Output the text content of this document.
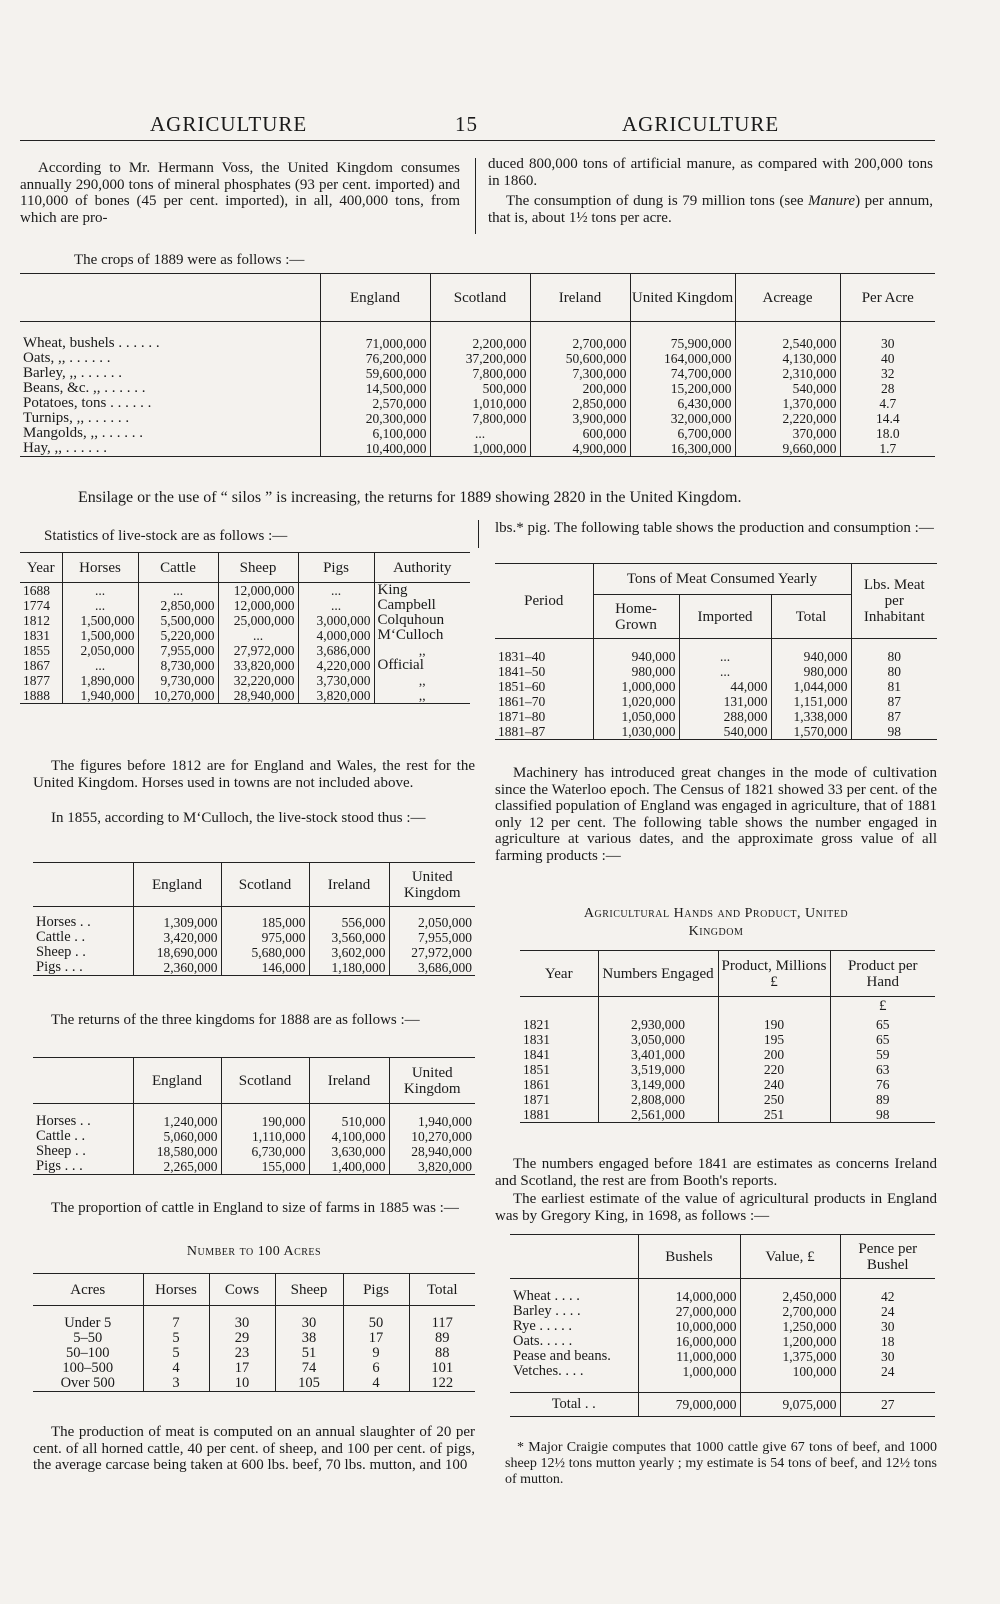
AGRICULTURE	15	AGRICULTURE

According to Mr. Hermann Voss, the United Kingdom consumes annually 290,000 tons of mineral phosphates (93 per cent. imported) and 110,000 of bones (45 per cent. imported), in all, 400,000 tons, from which are pro-

duced 800,000 tons of artificial manure, as compared with 200,000 tons in 1860.

The consumption of dung is 79 million tons (see Manure) per annum, that is, about 1½ tons per acre.

The crops of 1889 were as follows :—

	England	Scotland	Ireland	United Kingdom	Acreage	Per Acre

Wheat, bushels . . . . . .	71,000,000	2,200,000	2,700,000	75,900,000	2,540,000	30
Oats, ,, . . . . . .	76,200,000	37,200,000	50,600,000	164,000,000	4,130,000	40
Barley, ,, . . . . . .	59,600,000	7,800,000	7,300,000	74,700,000	2,310,000	32
Beans, &c. ,, . . . . . .	14,500,000	500,000	200,000	15,200,000	540,000	28
Potatoes, tons . . . . . .	2,570,000	1,010,000	2,850,000	6,430,000	1,370,000	4.7
Turnips, ,, . . . . . .	20,300,000	7,800,000	3,900,000	32,000,000	2,220,000	14.4
Mangolds, ,, . . . . . .	6,100,000	...	600,000	6,700,000	370,000	18.0
Hay, ,, . . . . . .	10,400,000	1,000,000	4,900,000	16,300,000	9,660,000	1.7

Ensilage or the use of “ silos ” is increasing, the returns for 1889 showing 2820 in the United Kingdom.

Statistics of live-stock are as follows :—

Year	Horses	Cattle	Sheep	Pigs	Authority
1688	...	...	12,000,000	...	King
1774	...	2,850,000	12,000,000	...	Campbell
1812	1,500,000	5,500,000	25,000,000	3,000,000	Colquhoun
1831	1,500,000	5,220,000	...	4,000,000	M‘Culloch
1855	2,050,000	7,955,000	27,972,000	3,686,000	,,
1867	...	8,730,000	33,820,000	4,220,000	Official
1877	1,890,000	9,730,000	32,220,000	3,730,000	,,
1888	1,940,000	10,270,000	28,940,000	3,820,000	,,

The figures before 1812 are for England and Wales, the rest for the United Kingdom. Horses used in towns are not included above.

In 1855, according to M‘Culloch, the live-stock stood thus :—

	England	Scotland	Ireland	United Kingdom

Horses . .	1,309,000	185,000	556,000	2,050,000
Cattle . .	3,420,000	975,000	3,560,000	7,955,000
Sheep . .	18,690,000	5,680,000	3,602,000	27,972,000
Pigs . . .	2,360,000	146,000	1,180,000	3,686,000

The returns of the three kingdoms for 1888 are as follows :—

	England	Scotland	Ireland	United Kingdom

Horses . .	1,240,000	190,000	510,000	1,940,000
Cattle . .	5,060,000	1,110,000	4,100,000	10,270,000
Sheep . .	18,580,000	6,730,000	3,630,000	28,940,000
Pigs . . .	2,265,000	155,000	1,400,000	3,820,000

The proportion of cattle in England to size of farms in 1885 was :—

Number to 100 Acres
Acres	Horses	Cows	Sheep	Pigs	Total

Under 5	7	30	30	50	117
5–50	5	29	38	17	89
50–100	5	23	51	9	88
100–500	4	17	74	6	101
Over 500	3	10	105	4	122

The production of meat is computed on an annual slaughter of 20 per cent. of all horned cattle, 40 per cent. of sheep, and 100 per cent. of pigs, the average carcase being taken at 600 lbs. beef, 70 lbs. mutton, and 100

lbs.* pig. The following table shows the production and consumption :—

Period	Tons of Meat Consumed Yearly			Lbs. Meat per Inhabitant
	Home-Grown	Imported	Total	

1831–40	940,000	...	940,000	80
1841–50	980,000	...	980,000	80
1851–60	1,000,000	44,000	1,044,000	81
1861–70	1,020,000	131,000	1,151,000	87
1871–80	1,050,000	288,000	1,338,000	87
1881–87	1,030,000	540,000	1,570,000	98

Machinery has introduced great changes in the mode of cultivation since the Waterloo epoch. The Census of 1821 showed 33 per cent. of the classified population of England was engaged in agriculture, that of 1881 only 12 per cent. The following table shows the number engaged in agriculture at various dates, and the approximate gross value of all farming products :—

Agricultural Hands and Product, United
Kingdom
Year	Numbers Engaged	Product, Millions £	Product per Hand
			£
1821	2,930,000	190	65
1831	3,050,000	195	65
1841	3,401,000	200	59
1851	3,519,000	220	63
1861	3,149,000	240	76
1871	2,808,000	250	89
1881	2,561,000	251	98

The numbers engaged before 1841 are estimates as concerns Ireland and Scotland, the rest are from Booth's reports.

The earliest estimate of the value of agricultural products in England was by Gregory King, in 1698, as follows :—

	Bushels	Value, £	Pence per Bushel

Wheat . . . .	14,000,000	2,450,000	42
Barley . . . .	27,000,000	2,700,000	24
Rye . . . . .	10,000,000	1,250,000	30
Oats. . . . .	16,000,000	1,200,000	18
Pease and beans.	11,000,000	1,375,000	30
Vetches. . . .	1,000,000	100,000	24

Total . .	79,000,000	9,075,000	27
* Major Craigie computes that 1000 cattle give 67 tons of beef, and 1000 sheep 12½ tons mutton yearly ; my estimate is 54 tons of beef, and 12½ tons of mutton.
